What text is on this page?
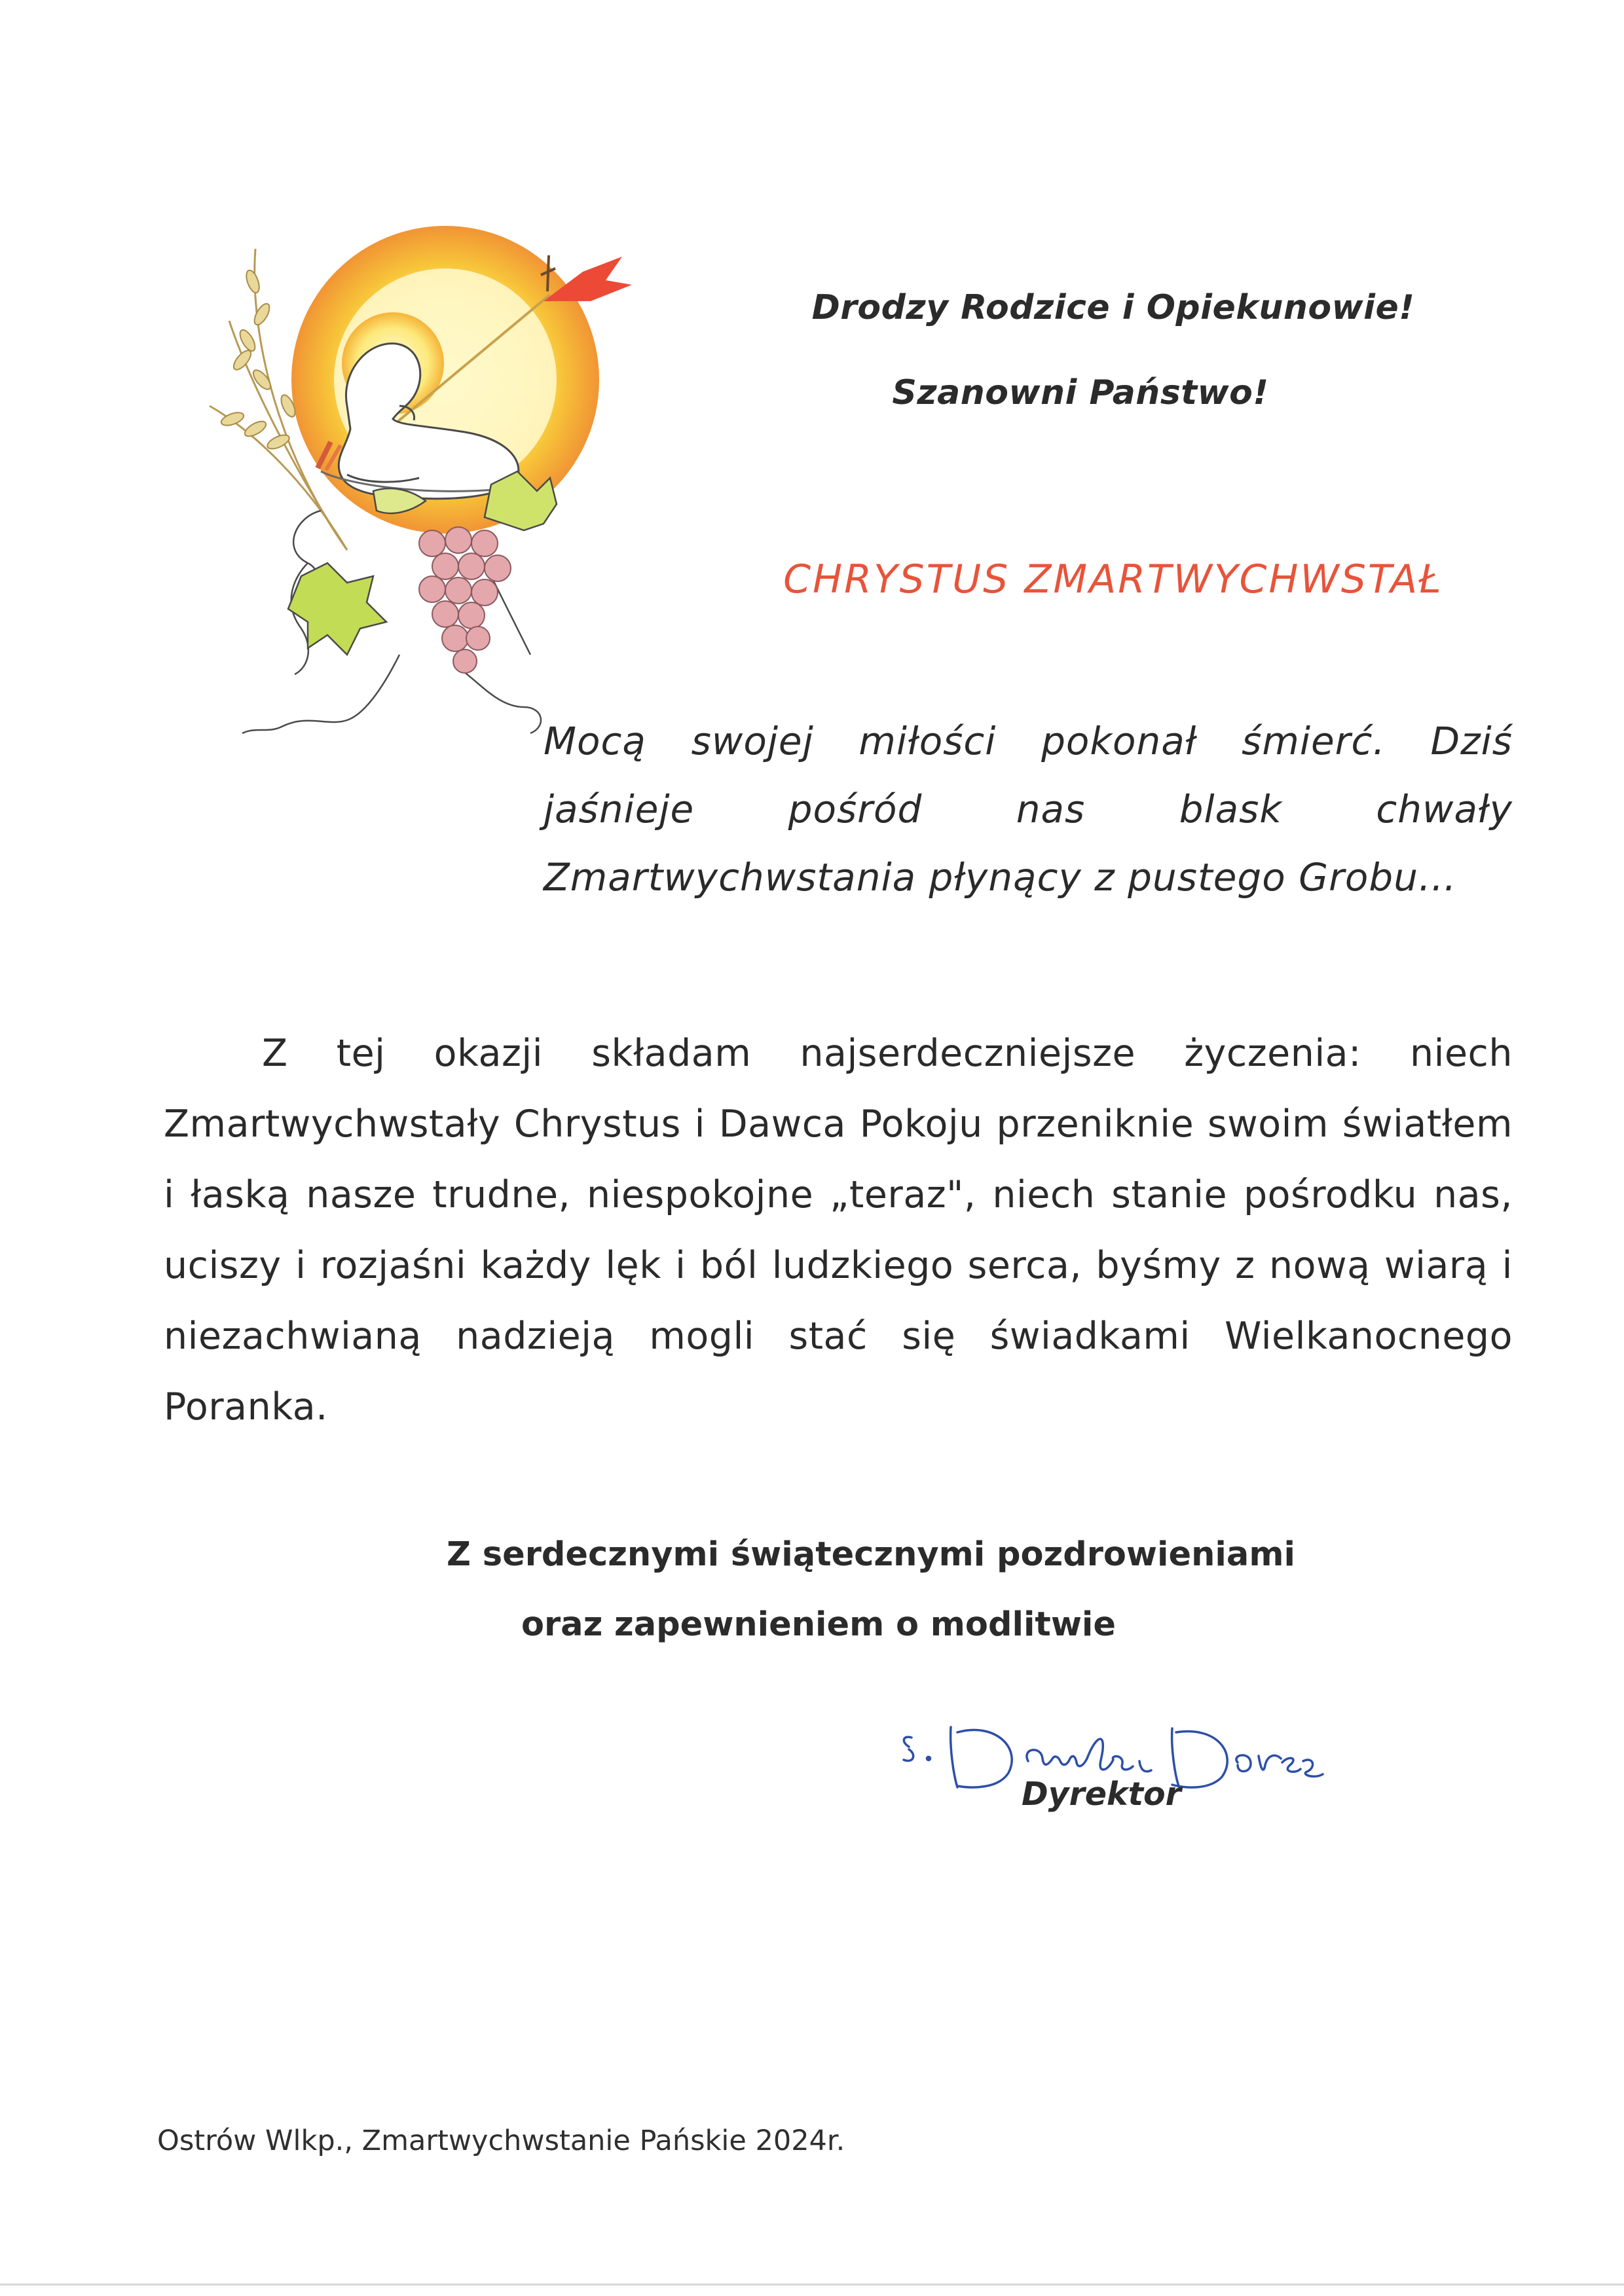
Drodzy Rodzice i Opiekunowie!
Szanowni Państwo!
CHRYSTUS ZMARTWYCHWSTAŁ
Mocą swojej miłości pokonał śmierć. Dziś jaśnieje pośród nas blask chwały Zmartwychwstania płynący z pustego Grobu…
Z tej okazji składam najserdeczniejsze życzenia: niech Zmartwychwstały Chrystus i Dawca Pokoju przeniknie swoim światłem i łaską nasze trudne, niespokojne „teraz", niech stanie pośrodku nas, uciszy i rozjaśni każdy lęk i ból ludzkiego serca, byśmy z nową wiarą i niezachwianą nadzieją mogli stać się świadkami Wielkanocnego Poranka.
Z serdecznymi świątecznymi pozdrowieniami
oraz zapewnieniem o modlitwie
Dyrektor
Ostrów Wlkp., Zmartwychwstanie Pańskie 2024r.
